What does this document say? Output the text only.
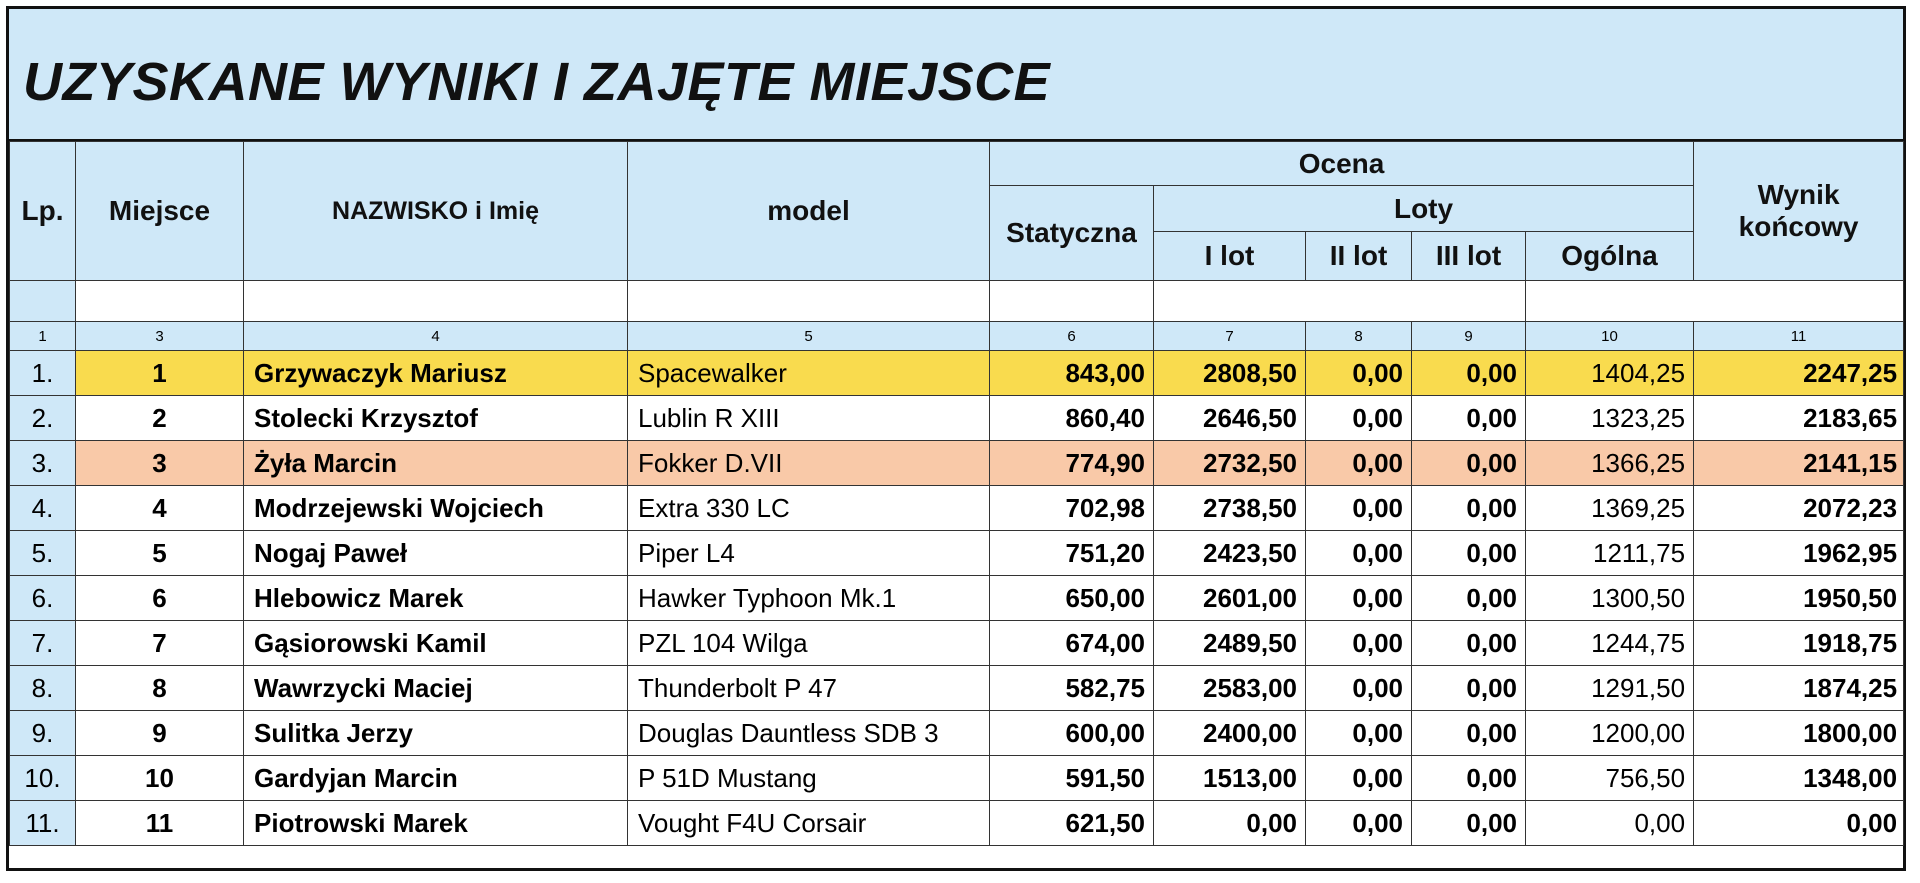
UZYSKANE WYNIKI I ZAJĘTE MIEJSCE
Lp.	Miejsce	NAZWISKO i Imię	model	Ocena					Wynik
końcowy

				Statyczna	Loty				
					I lot	II lot	III lot	Ogólna	

1	3	4	5	6	7	8	9	10	11
1.	1	Grzywaczyk Mariusz	Spacewalker	843,00	2808,50	0,00	0,00	1404,25	2247,25
2.	2	Stolecki Krzysztof	Lublin R XIII	860,40	2646,50	0,00	0,00	1323,25	2183,65
3.	3	Żyła Marcin	Fokker D.VII	774,90	2732,50	0,00	0,00	1366,25	2141,15
4.	4	Modrzejewski Wojciech	Extra 330 LC	702,98	2738,50	0,00	0,00	1369,25	2072,23
5.	5	Nogaj Paweł	Piper L4	751,20	2423,50	0,00	0,00	1211,75	1962,95
6.	6	Hlebowicz Marek	Hawker Typhoon Mk.1	650,00	2601,00	0,00	0,00	1300,50	1950,50
7.	7	Gąsiorowski Kamil	PZL 104 Wilga	674,00	2489,50	0,00	0,00	1244,75	1918,75
8.	8	Wawrzycki Maciej	Thunderbolt P 47	582,75	2583,00	0,00	0,00	1291,50	1874,25
9.	9	Sulitka Jerzy	Douglas Dauntless SDB 3	600,00	2400,00	0,00	0,00	1200,00	1800,00
10.	10	Gardyjan Marcin	P 51D Mustang	591,50	1513,00	0,00	0,00	756,50	1348,00
11.	11	Piotrowski Marek	Vought F4U Corsair	621,50	0,00	0,00	0,00	0,00	0,00
